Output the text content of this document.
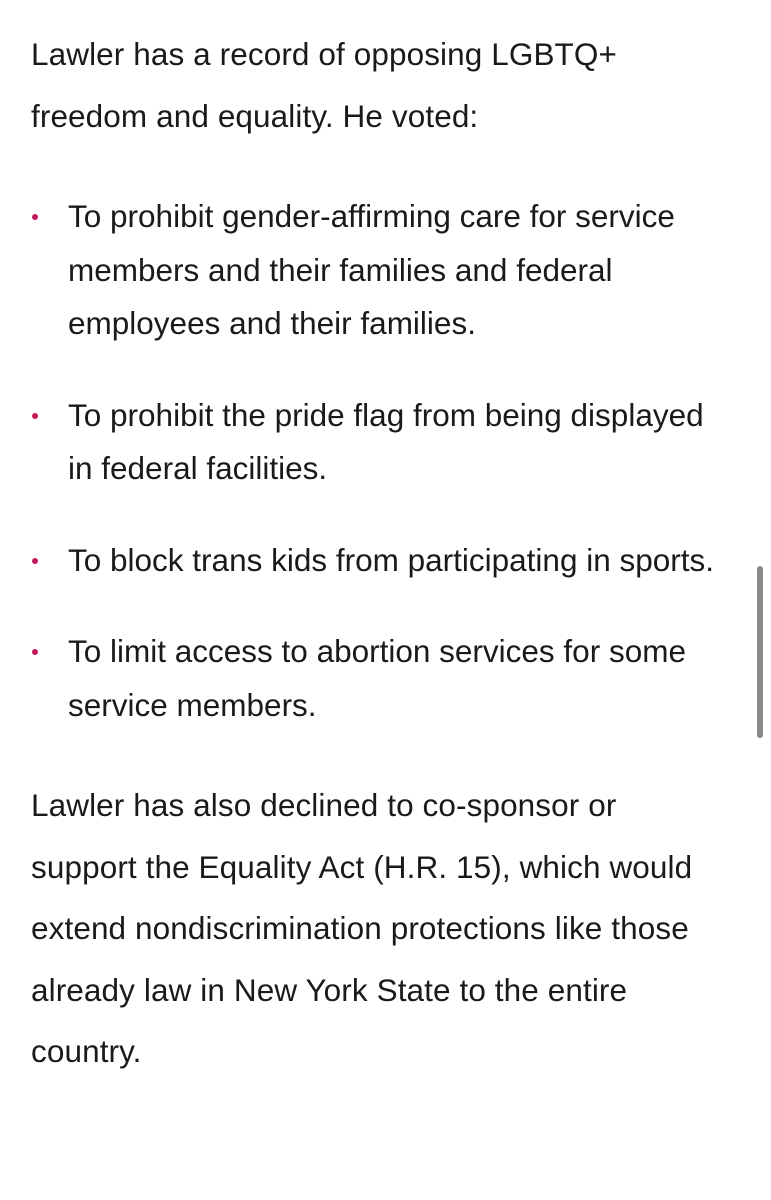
Lawler has a record of opposing LGBTQ+ freedom and equality. He voted:

To prohibit gender-affirming care for service members and their families and federal employees and their families.
To prohibit the pride flag from being displayed in federal facilities.
To block trans kids from participating in sports.
To limit access to abortion services for some service members.

Lawler has also declined to co-sponsor or support the Equality Act (H.R. 15), which would extend nondiscrimination protections like those already law in New York State to the entire country.
